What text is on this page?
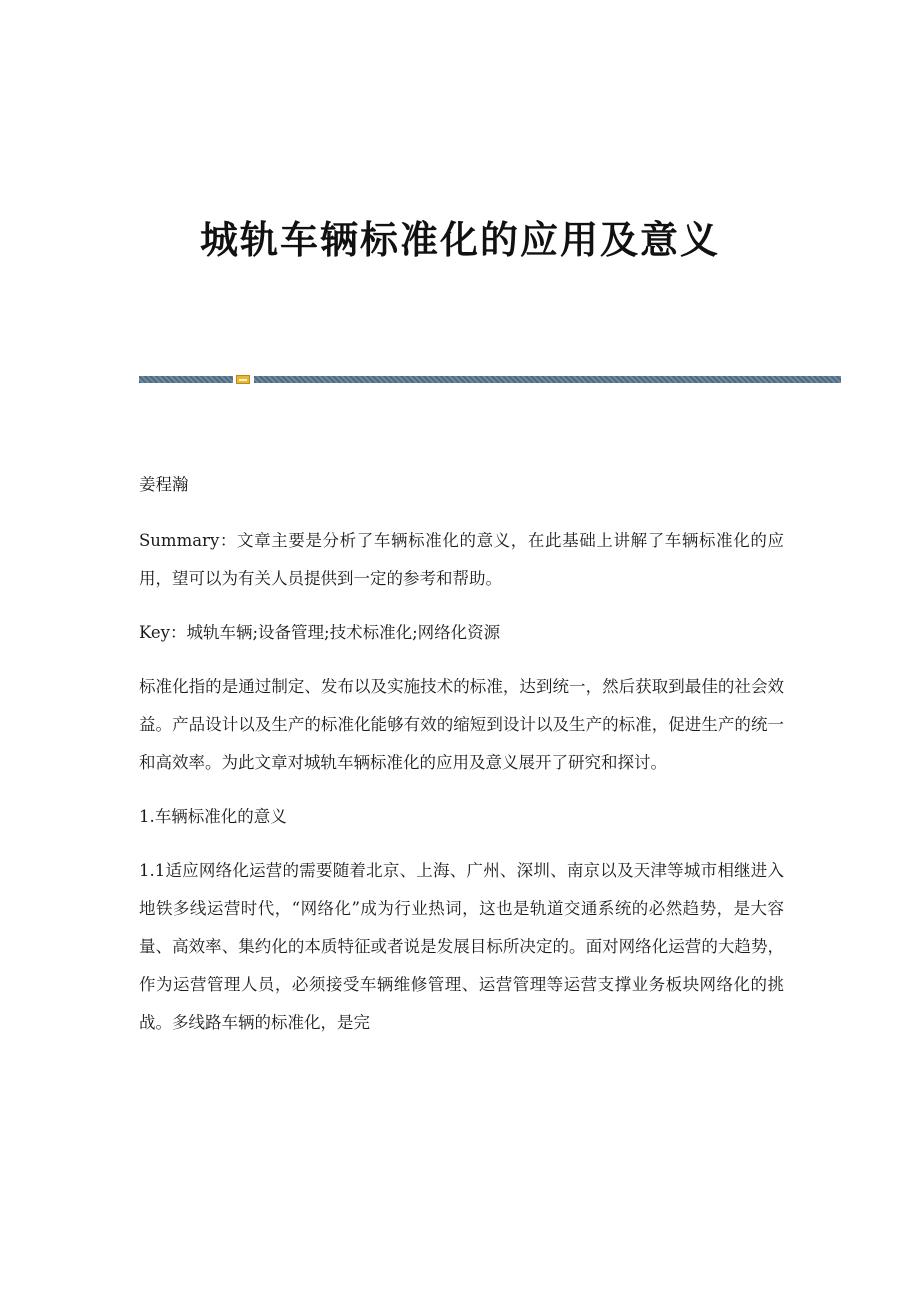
城轨车辆标准化的应用及意义

姜程瀚

Summary：文章主要是分析了车辆标准化的意义，在此基础上讲解了车辆标准化的应用，望可以为有关人员提供到一定的参考和帮助。

Key：城轨车辆;设备管理;技术标准化;网络化资源

标准化指的是通过制定、发布以及实施技术的标准，达到统一，然后获取到最佳的社会效益。产品设计以及生产的标准化能够有效的缩短到设计以及生产的标准，促进生产的统一和高效率。为此文章对城轨车辆标准化的应用及意义展开了研究和探讨。

1.车辆标准化的意义

1.1适应网络化运营的需要随着北京、上海、广州、深圳、南京以及天津等城市相继进入地铁多线运营时代，“网络化”成为行业热词，这也是轨道交通系统的必然趋势，是大容量、高效率、集约化的本质特征或者说是发展目标所决定的。面对网络化运营的大趋势，作为运营管理人员，必须接受车辆维修管理、运营管理等运营支撑业务板块网络化的挑战。多线路车辆的标准化，是完
